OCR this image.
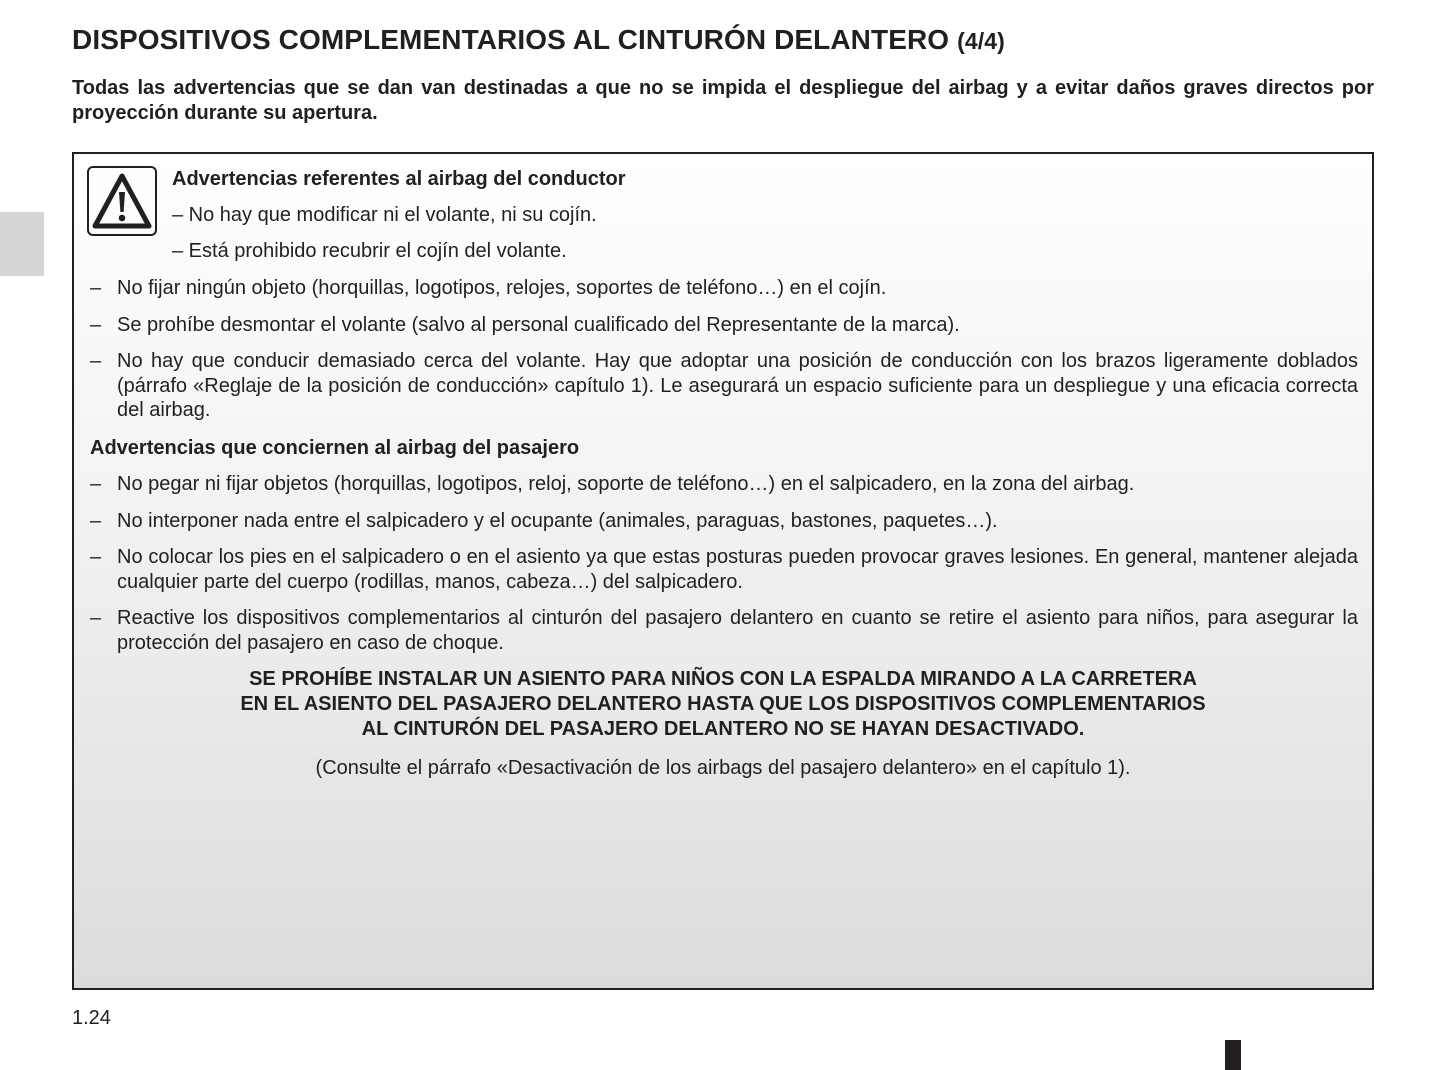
DISPOSITIVOS COMPLEMENTARIOS AL CINTURÓN DELANTERO (4/4)

Todas las advertencias que se dan van destinadas a que no se impida el despliegue del airbag y a evitar daños graves directos por proyección durante su apertura.

Advertencias referentes al airbag del conductor

– No hay que modificar ni el volante, ni su cojín.

– Está prohibido recubrir el cojín del volante.

– No fijar ningún objeto (horquillas, logotipos, relojes, soportes de teléfono…) en el cojín.

– Se prohíbe desmontar el volante (salvo al personal cualificado del Representante de la marca).

– No hay que conducir demasiado cerca del volante. Hay que adoptar una posición de conducción con los brazos ligeramente doblados (párrafo «Reglaje de la posición de conducción» capítulo 1). Le asegurará un espacio suficiente para un despliegue y una eficacia correcta del airbag.

Advertencias que conciernen al airbag del pasajero

– No pegar ni fijar objetos (horquillas, logotipos, reloj, soporte de teléfono…) en el salpicadero, en la zona del airbag.

– No interponer nada entre el salpicadero y el ocupante (animales, paraguas, bastones, paquetes…).

– No colocar los pies en el salpicadero o en el asiento ya que estas posturas pueden provocar graves lesiones. En general, mantener alejada cualquier parte del cuerpo (rodillas, manos, cabeza…) del salpicadero.

– Reactive los dispositivos complementarios al cinturón del pasajero delantero en cuanto se retire el asiento para niños, para asegurar la protección del pasajero en caso de choque.

SE PROHÍBE INSTALAR UN ASIENTO PARA NIÑOS CON LA ESPALDA MIRANDO A LA CARRETERA
EN EL ASIENTO DEL PASAJERO DELANTERO HASTA QUE LOS DISPOSITIVOS COMPLEMENTARIOS
AL CINTURÓN DEL PASAJERO DELANTERO NO SE HAYAN DESACTIVADO.

(Consulte el párrafo «Desactivación de los airbags del pasajero delantero» en el capítulo 1).

1.24
